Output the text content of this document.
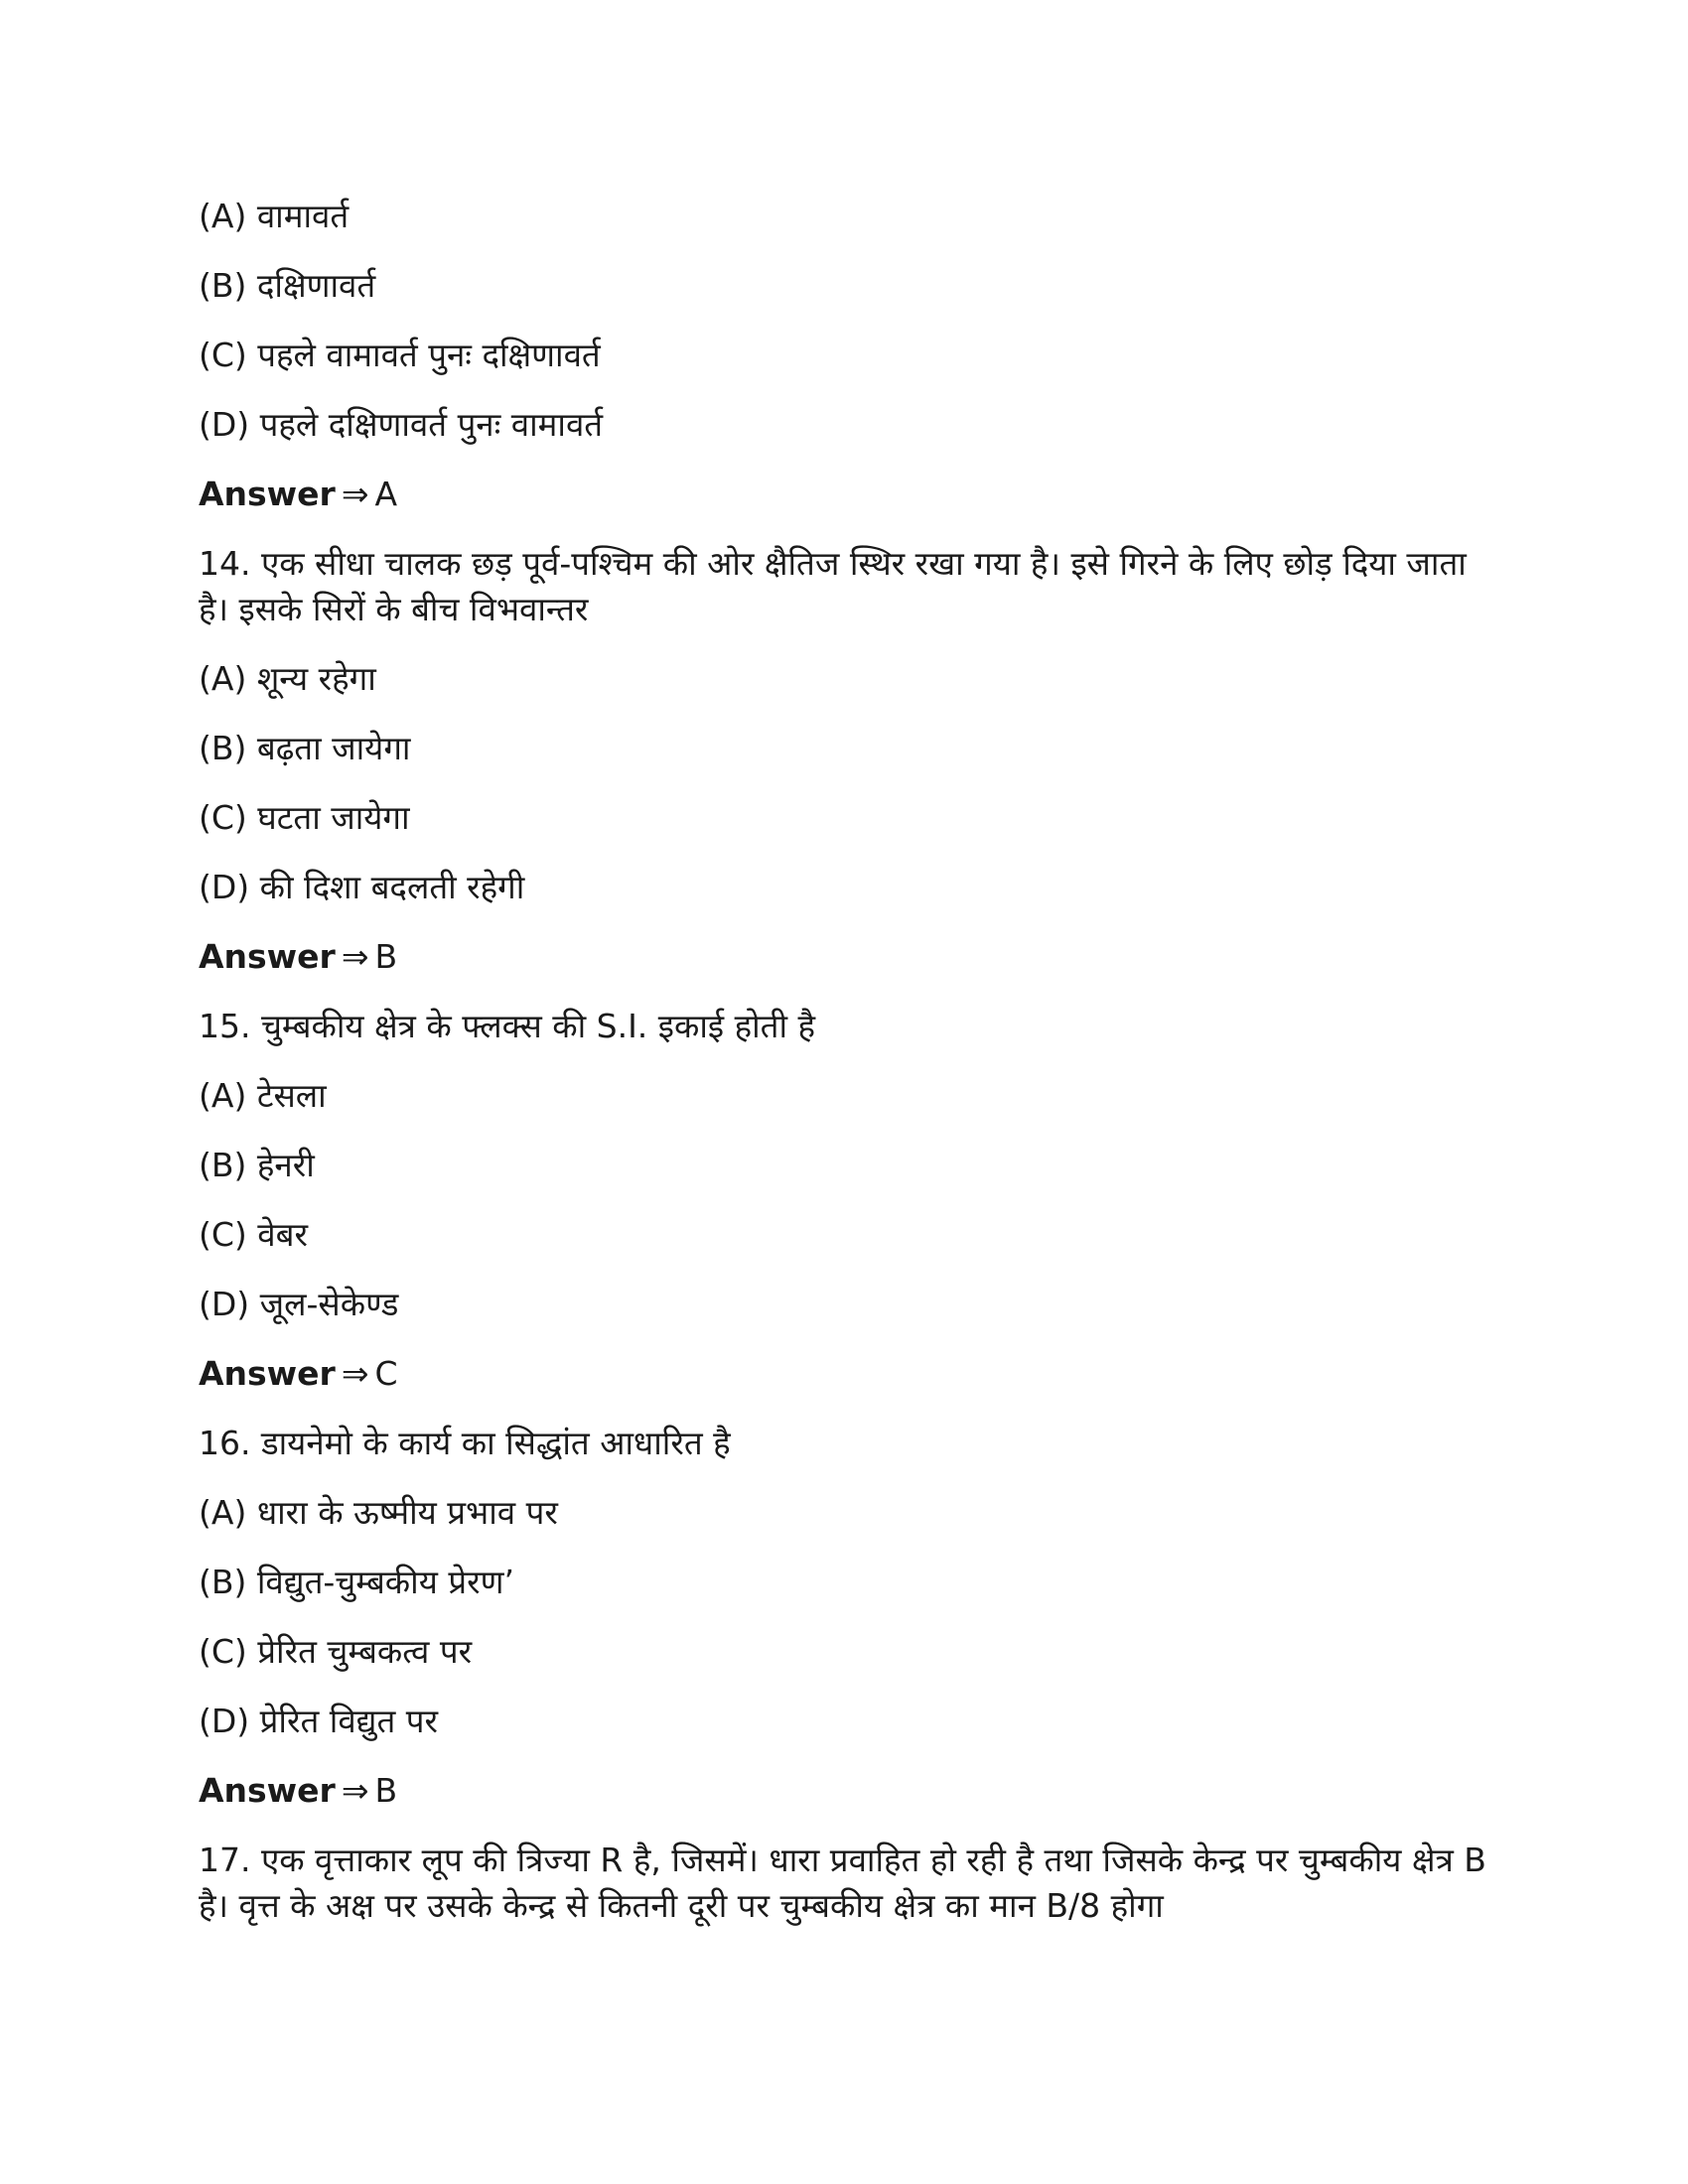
(A) वामावर्त

(B) दक्षिणावर्त

(C) पहले वामावर्त पुनः दक्षिणावर्त

(D) पहले दक्षिणावर्त पुनः वामावर्त

Answer ⇒ A

14. एक सीधा चालक छड़ पूर्व-पश्चिम की ओर क्षैतिज स्थिर रखा गया है। इसे गिरने के लिए छोड़ दिया जाता है। इसके सिरों के बीच विभवान्तर

(A) शून्य रहेगा

(B) बढ़ता जायेगा

(C) घटता जायेगा

(D) की दिशा बदलती रहेगी

Answer ⇒ B

15. चुम्बकीय क्षेत्र के फ्लक्स की S.I. इकाई होती है

(A) टेसला

(B) हेनरी

(C) वेबर

(D) जूल-सेकेण्ड

Answer ⇒ C

16. डायनेमो के कार्य का सिद्धांत आधारित है

(A) धारा के ऊष्मीय प्रभाव पर

(B) विद्युत-चुम्बकीय प्रेरण’

(C) प्रेरित चुम्बकत्व पर

(D) प्रेरित विद्युत पर

Answer ⇒ B

17. एक वृत्ताकार लूप की त्रिज्या R है, जिसमें। धारा प्रवाहित हो रही है तथा जिसके केन्द्र पर चुम्बकीय क्षेत्र B है। वृत्त के अक्ष पर उसके केन्द्र से कितनी दूरी पर चुम्बकीय क्षेत्र का मान B/8 होगा
